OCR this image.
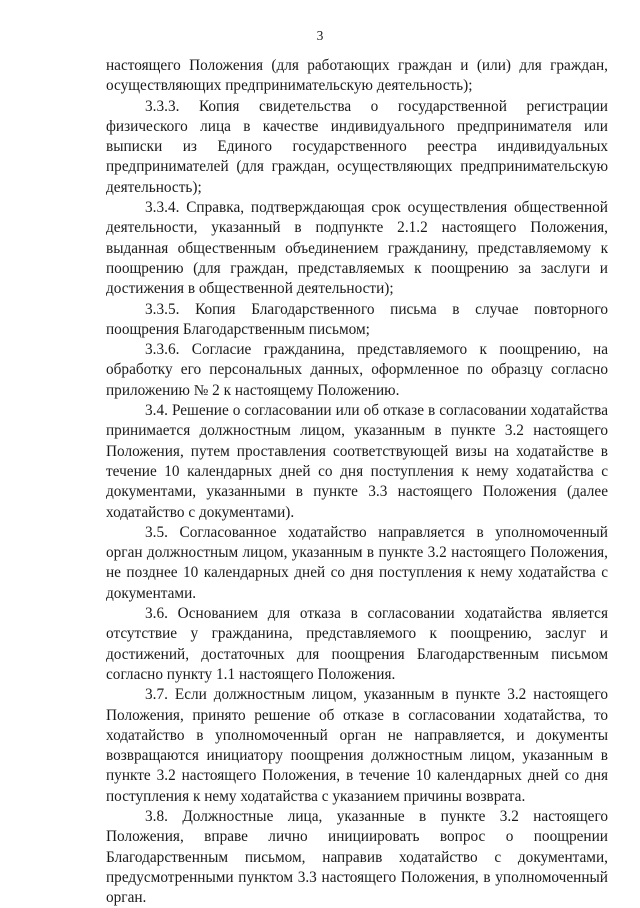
3

настоящего Положения (для работающих граждан и (или) для граждан, осуществляющих предпринимательскую деятельность);

3.3.3. Копия свидетельства о государственной регистрации физического лица в качестве индивидуального предпринимателя или выписки из Единого государственного реестра индивидуальных предпринимателей (для граждан, осуществляющих предпринимательскую деятельность);

3.3.4. Справка, подтверждающая срок осуществления общественной деятельности, указанный в подпункте 2.1.2 настоящего Положения, выданная общественным объединением гражданину, представляемому к поощрению (для граждан, представляемых к поощрению за заслуги и достижения в общественной деятельности);

3.3.5. Копия Благодарственного письма в случае повторного поощрения Благодарственным письмом;

3.3.6. Согласие гражданина, представляемого к поощрению, на обработку его персональных данных, оформленное по образцу согласно приложению № 2 к настоящему Положению.

3.4. Решение о согласовании или об отказе в согласовании ходатайства принимается должностным лицом, указанным в пункте 3.2 настоящего Положения, путем проставления соответствующей визы на ходатайстве в течение 10 календарных дней со дня поступления к нему ходатайства с документами, указанными в пункте 3.3 настоящего Положения (далее ходатайство с документами).

3.5. Согласованное ходатайство направляется в уполномоченный орган должностным лицом, указанным в пункте 3.2 настоящего Положения, не позднее 10 календарных дней со дня поступления к нему ходатайства с документами.

3.6. Основанием для отказа в согласовании ходатайства является отсутствие у гражданина, представляемого к поощрению, заслуг и достижений, достаточных для поощрения Благодарственным письмом согласно пункту 1.1 настоящего Положения.

3.7. Если должностным лицом, указанным в пункте 3.2 настоящего Положения, принято решение об отказе в согласовании ходатайства, то ходатайство в уполномоченный орган не направляется, и документы возвращаются инициатору поощрения должностным лицом, указанным в пункте 3.2 настоящего Положения, в течение 10 календарных дней со дня поступления к нему ходатайства с указанием причины возврата.

3.8. Должностные лица, указанные в пункте 3.2 настоящего Положения, вправе лично инициировать вопрос о поощрении Благодарственным письмом, направив ходатайство с документами, предусмотренными пунктом 3.3 настоящего Положения, в уполномоченный орган.
